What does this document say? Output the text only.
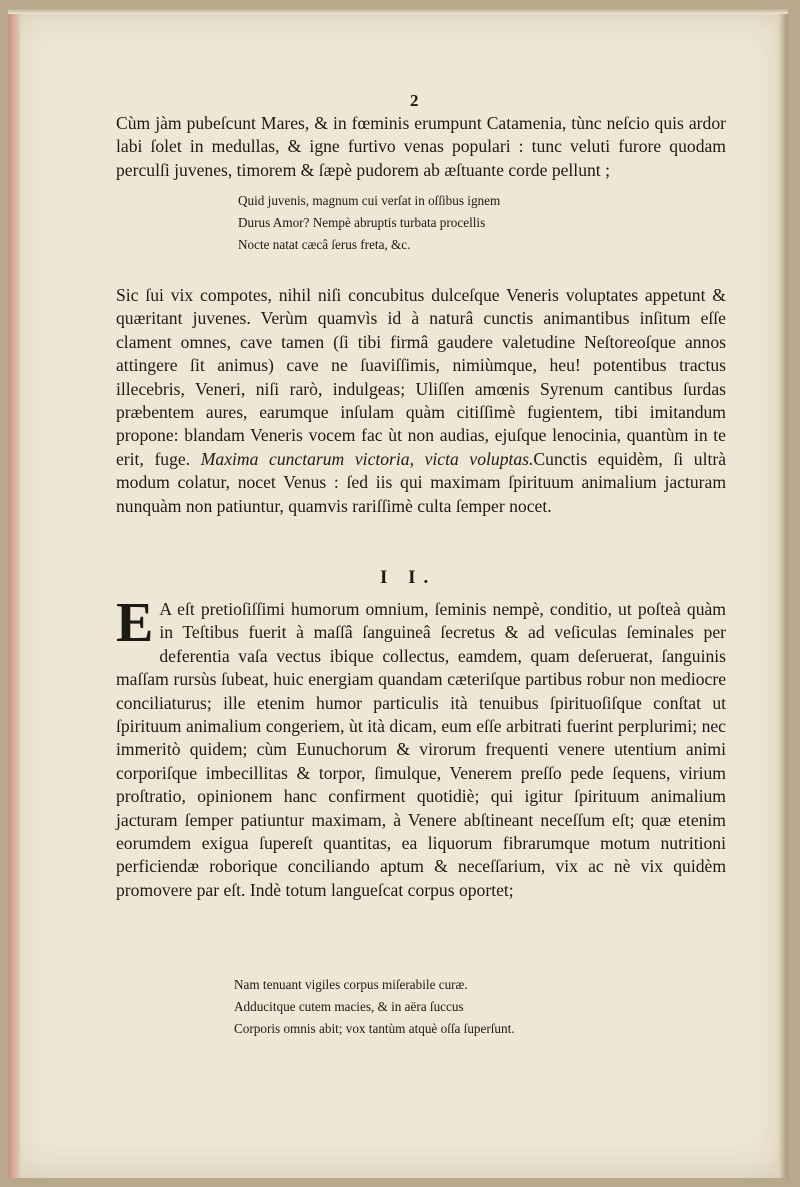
2

Cùm jàm pubeſcunt Mares, & in fœminis erumpunt Catamenia, tùnc neſcio quis ardor labi ſolet in medullas, & igne furtivo venas populari : tunc veluti furore quodam perculſi juvenes, timorem & ſæpè pudorem ab æſtuante corde pellunt ;

Quid juvenis, magnum cui verſat in oſſibus ignem
Durus Amor? Nempè abruptis turbata procellis
Nocte natat cæcâ ſerus freta, &c.

Sic ſui vix compotes, nihil niſi concubitus dulceſque Veneris voluptates appetunt & quæritant juvenes. Verùm quamvìs id à naturâ cunctis animantibus inſitum eſſe clament omnes, cave tamen (ſi tibi firmâ gaudere valetudine Neſtoreoſque annos attingere ſit animus) cave ne ſuaviſſimis, nimiùmque, heu! potentibus tractus illecebris, Veneri, niſi rarò, indulgeas; Uliſſen amœnis Syrenum cantibus ſurdas præbentem aures, earumque inſulam quàm citiſſimè fugientem, tibi imitandum propone: blandam Veneris vocem fac ùt non audias, ejuſque lenocinia, quantùm in te erit, fuge. Maxima cunctarum victoria, victa voluptas.Cunctis equidèm, ſi ultrà modum colatur, nocet Venus : ſed iis qui maximam ſpirituum animalium jacturam nunquàm non patiuntur, quamvis rariſſimè culta ſemper nocet.

I I.

E A eſt pretioſiſſimi humorum omnium, ſeminis nempè, conditio, ut poſteà quàm in Teſtibus fuerit à maſſâ ſanguineâ ſecretus & ad veſiculas ſeminales per deferentia vaſa vectus ibique collectus, eamdem, quam deſeruerat, ſanguinis maſſam rursùs ſubeat, huic energiam quandam cæteriſque partibus robur non mediocre conciliaturus; ille etenim humor particulis ità tenuibus ſpirituoſiſque conſtat ut ſpirituum animalium congeriem, ùt ità dicam, eum eſſe arbitrati fuerint perplurimi; nec immeritò quidem; cùm Eunuchorum & virorum frequenti venere utentium animi corporiſque imbecillitas & torpor, ſimulque, Venerem preſſo pede ſequens, virium proſtratio, opinionem hanc confirment quotidiè; qui igitur ſpirituum animalium jacturam ſemper patiuntur maximam, à Venere abſtineant neceſſum eſt; quæ etenim eorumdem exigua ſupereſt quantitas, ea liquorum fibrarumque motum nutritioni perficiendæ roborique conciliando aptum & neceſſarium, vix ac nè vix quidèm promovere par eſt. Indè totum langueſcat corpus oportet;

Nam tenuant vigiles corpus miſerabile curæ.
Adducitque cutem macies, & in aëra ſuccus
Corporis omnis abit; vox tantùm atquè oſſa ſuperſunt.
